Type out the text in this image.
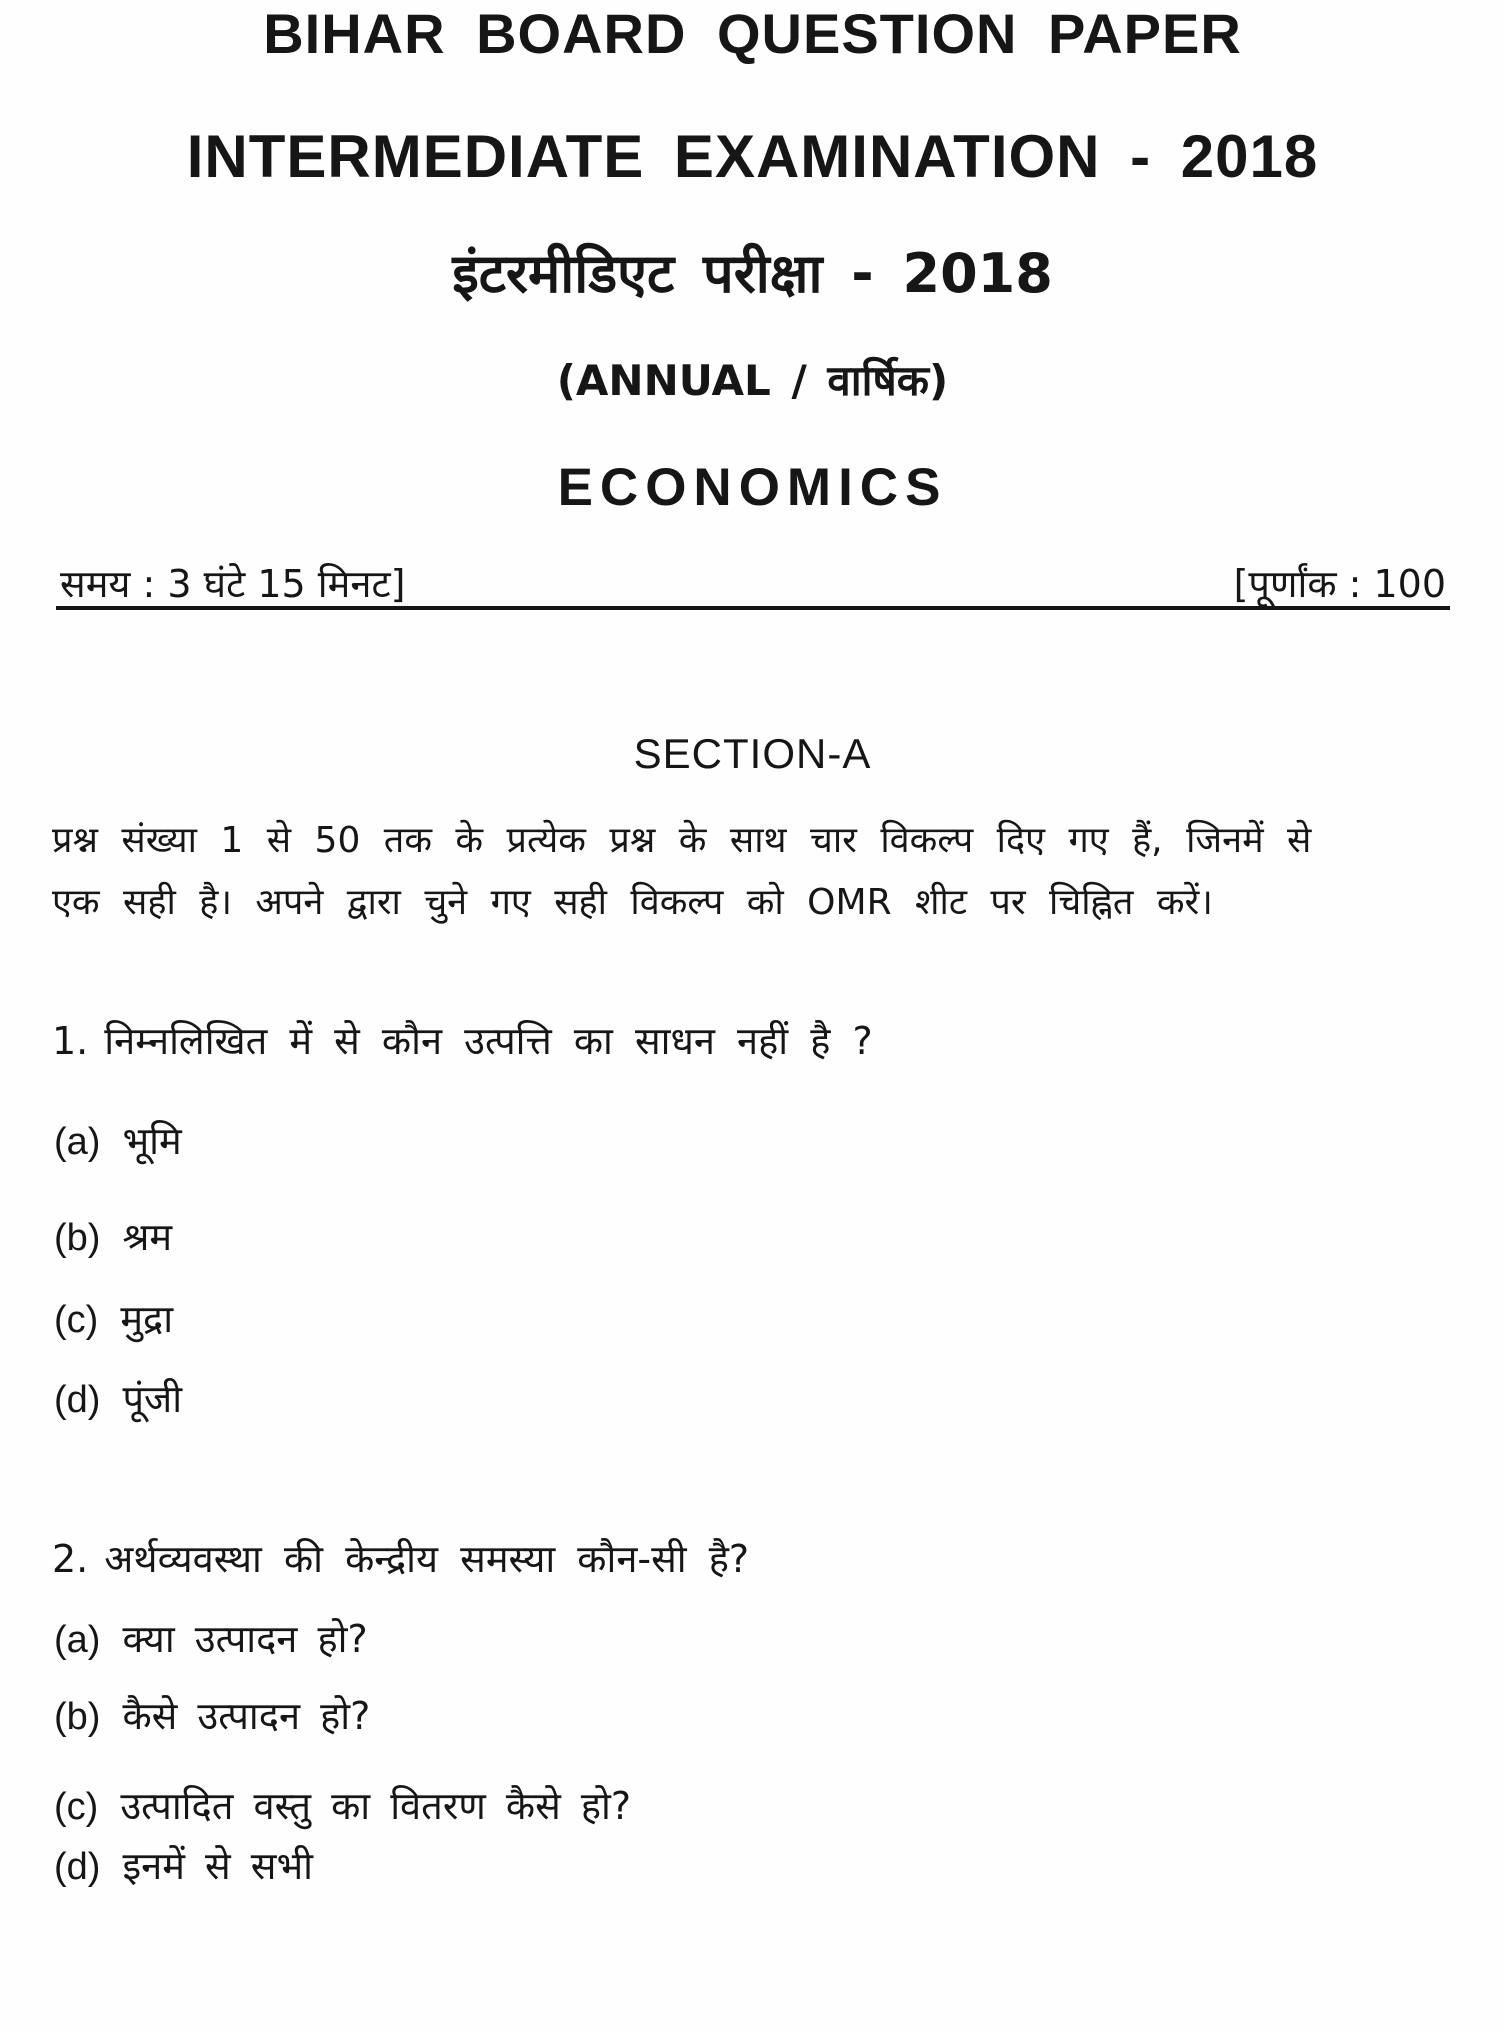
BIHAR BOARD QUESTION PAPER
INTERMEDIATE EXAMINATION - 2018
इंटरमीडिएट परीक्षा - 2018
(ANNUAL / वार्षिक)
ECONOMICS
समय : 3 घंटे 15 मिनट]	[पूर्णांक : 100
SECTION-A
प्रश्न संख्या 1 से 50 तक के प्रत्येक प्रश्न के साथ चार विकल्प दिए गए हैं, जिनमें से
एक सही है। अपने द्वारा चुने गए सही विकल्प को OMR शीट पर चिह्नित करें।
1. निम्नलिखित में से कौन उत्पत्ति का साधन नहीं है ?
(a) भूमि
(b) श्रम
(c) मुद्रा
(d) पूंजी
2. अर्थव्यवस्था की केन्द्रीय समस्या कौन-सी है?
(a) क्या उत्पादन हो?
(b) कैसे उत्पादन हो?
(c) उत्पादित वस्तु का वितरण कैसे हो?
(d) इनमें से सभी
